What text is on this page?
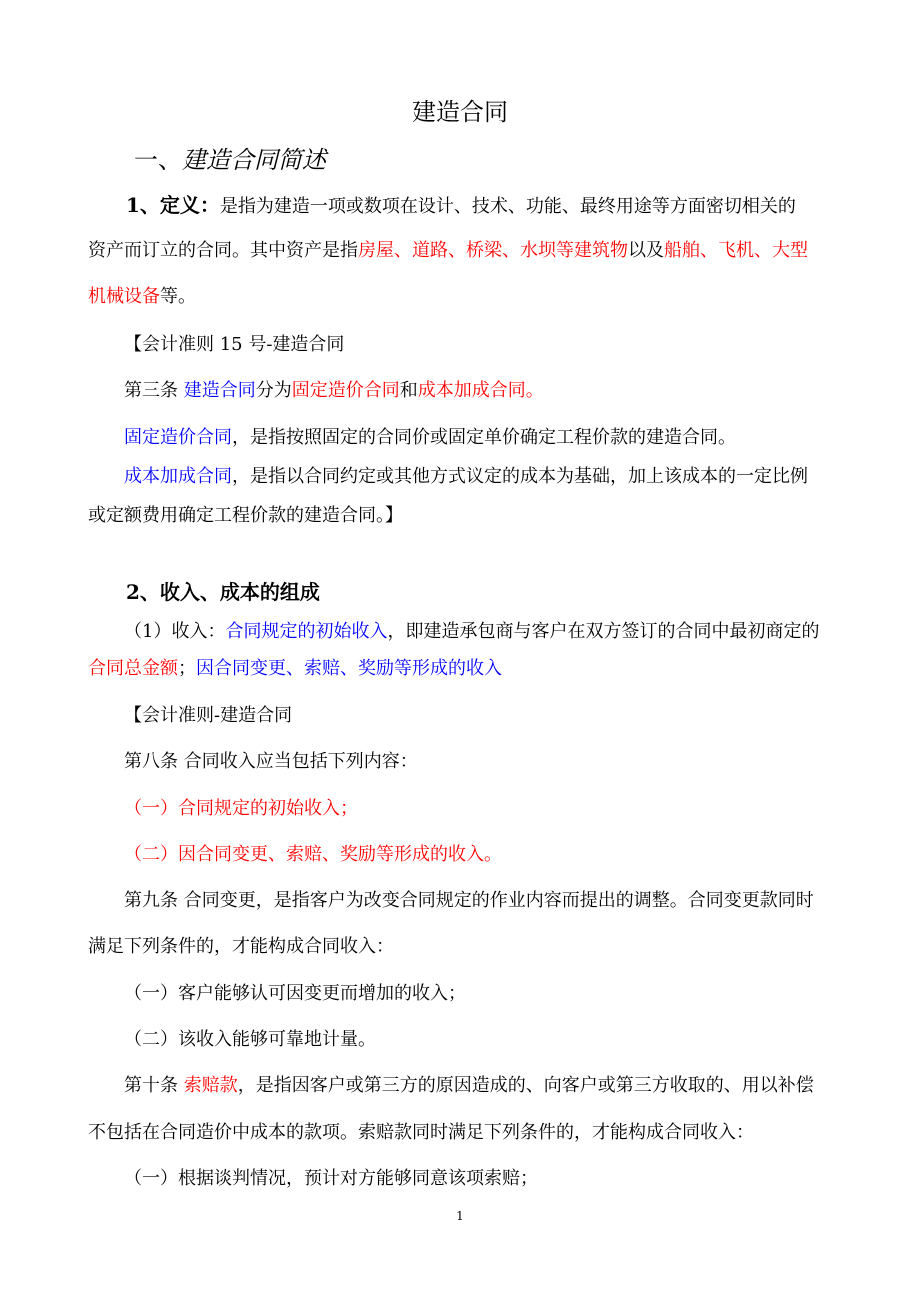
建造合同
一、建造合同简述
1、定义：是指为建造一项或数项在设计、技术、功能、最终用途等方面密切相关的
资产而订立的合同。其中资产是指房屋、道路、桥梁、水坝等建筑物以及船舶、飞机、大型
机械设备等。
【会计准则 15 号-建造合同
第三条 建造合同分为固定造价合同和成本加成合同。
固定造价合同，是指按照固定的合同价或固定单价确定工程价款的建造合同。
成本加成合同，是指以合同约定或其他方式议定的成本为基础，加上该成本的一定比例
或定额费用确定工程价款的建造合同。】
2、收入、成本的组成
（1）收入：合同规定的初始收入，即建造承包商与客户在双方签订的合同中最初商定的
合同总金额；因合同变更、索赔、奖励等形成的收入
【会计准则-建造合同
第八条 合同收入应当包括下列内容：
（一）合同规定的初始收入；
（二）因合同变更、索赔、奖励等形成的收入。
第九条 合同变更，是指客户为改变合同规定的作业内容而提出的调整。合同变更款同时
满足下列条件的，才能构成合同收入：
（一）客户能够认可因变更而增加的收入；
（二）该收入能够可靠地计量。
第十条 索赔款，是指因客户或第三方的原因造成的、向客户或第三方收取的、用以补偿
不包括在合同造价中成本的款项。索赔款同时满足下列条件的，才能构成合同收入：
（一）根据谈判情况，预计对方能够同意该项索赔；
1
